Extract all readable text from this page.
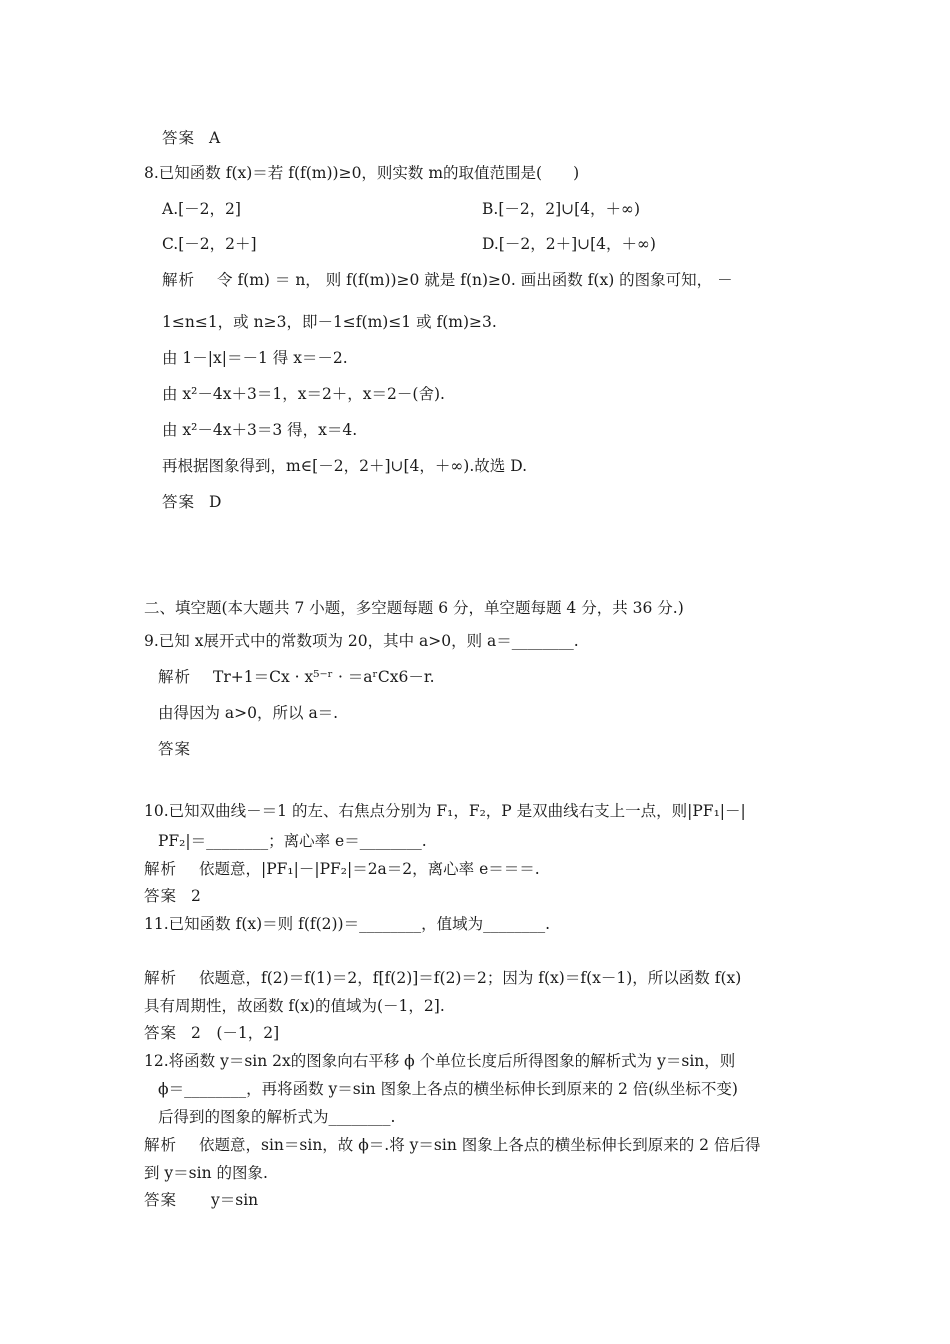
答案 A
8.已知函数 f(x)＝若 f(f(m))≥0，则实数 m的取值范围是(　　)
A.[－2，2]	B.[－2，2]∪[4，＋∞)
C.[－2，2＋]	D.[－2，2＋]∪[4，＋∞)
解析 令 f(m) ＝ n， 则 f(f(m))≥0 就是 f(n)≥0. 画出函数 f(x) 的图象可知， －
1≤n≤1，或 n≥3，即－1≤f(m)≤1 或 f(m)≥3.
由 1－|x|＝－1 得 x＝－2.
由 x²－4x＋3＝1，x＝2＋，x＝2－(舍).
由 x²－4x＋3＝3 得，x＝4.
再根据图象得到，m∈[－2，2＋]∪[4，＋∞).故选 D.
答案 D
二、填空题(本大题共 7 小题，多空题每题 6 分，单空题每题 4 分，共 36 分.)
9.已知 x展开式中的常数项为 20，其中 a>0，则 a＝________.
解析 Tr+1＝Cx · x⁵⁻ʳ · ＝aʳCx6－r.
由得因为 a>0，所以 a＝.
答案
10.已知双曲线－＝1 的左、右焦点分别为 F₁，F₂，P 是双曲线右支上一点，则|PF₁|－|
PF₂|＝________；离心率 e＝________.
解析 依题意，|PF₁|－|PF₂|＝2a＝2，离心率 e＝＝＝.
答案 2
11.已知函数 f(x)＝则 f(f(2))＝________，值域为________.
解析 依题意，f(2)＝f(1)＝2，f[f(2)]＝f(2)＝2；因为 f(x)＝f(x－1)，所以函数 f(x)
具有周期性，故函数 f(x)的值域为(－1，2].
答案 2　(－1，2]
12.将函数 y＝sin 2x的图象向右平移 ϕ 个单位长度后所得图象的解析式为 y＝sin，则
ϕ＝________，再将函数 y＝sin 图象上各点的横坐标伸长到原来的 2 倍(纵坐标不变)
后得到的图象的解析式为________.
解析 依题意，sin＝sin，故 ϕ＝.将 y＝sin 图象上各点的横坐标伸长到原来的 2 倍后得
到 y＝sin 的图象.
答案 y＝sin
